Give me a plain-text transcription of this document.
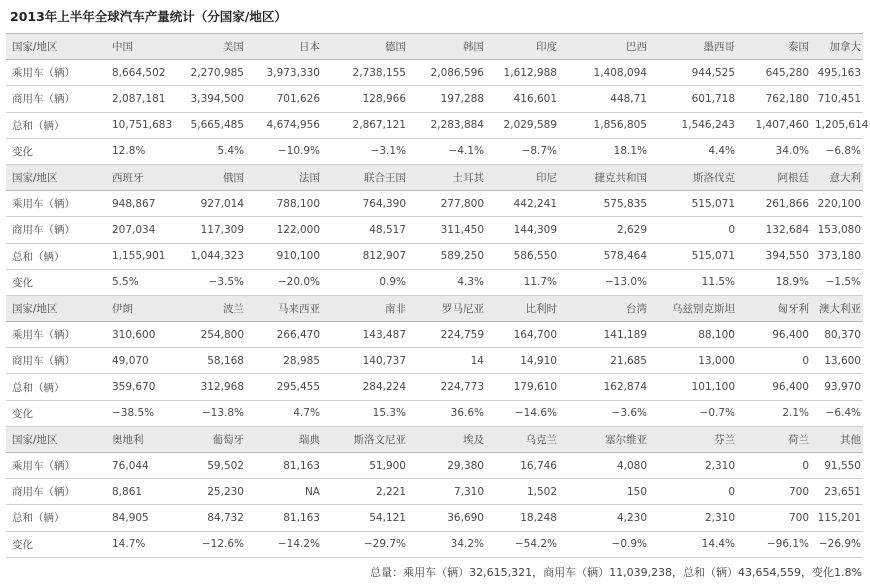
2013年上半年全球汽车产量统计（分国家/地区）
国家/地区	中国	美国	日本	德国	韩国	印度	巴西	墨西哥	泰国	加拿大
乘用车（辆）	8,664,502	2,270,985	3,973,330	2,738,155	2,086,596	1,612,988	1,408,094	944,525	645,280	495,163
商用车（辆）	2,087,181	3,394,500	701,626	128,966	197,288	416,601	448,71	601,718	762,180	710,451
总和（辆）	10,751,683	5,665,485	4,674,956	2,867,121	2,283,884	2,029,589	1,856,805	1,546,243	1,407,460	1,205,614
变化	12.8%	5.4%	−10.9%	−3.1%	−4.1%	−8.7%	18.1%	4.4%	34.0%	−6.8%
国家/地区	西班牙	俄国	法国	联合王国	土耳其	印尼	捷克共和国	斯洛伐克	阿根廷	意大利
乘用车（辆）	948,867	927,014	788,100	764,390	277,800	442,241	575,835	515,071	261,866	220,100
商用车（辆）	207,034	117,309	122,000	48,517	311,450	144,309	2,629	0	132,684	153,080
总和（辆）	1,155,901	1,044,323	910,100	812,907	589,250	586,550	578,464	515,071	394,550	373,180
变化	5.5%	−3.5%	−20.0%	0.9%	4.3%	11.7%	−13.0%	11.5%	18.9%	−1.5%
国家/地区	伊朗	波兰	马来西亚	南非	罗马尼亚	比利时	台湾	乌兹别克斯坦	匈牙利	澳大利亚
乘用车（辆）	310,600	254,800	266,470	143,487	224,759	164,700	141,189	88,100	96,400	80,370
商用车（辆）	49,070	58,168	28,985	140,737	14	14,910	21,685	13,000	0	13,600
总和（辆）	359,670	312,968	295,455	284,224	224,773	179,610	162,874	101,100	96,400	93,970
变化	−38.5%	−13.8%	4.7%	15.3%	36.6%	−14.6%	−3.6%	−0.7%	2.1%	−6.4%
国家/地区	奥地利	葡萄牙	瑞典	斯洛文尼亚	埃及	乌克兰	塞尔维亚	芬兰	荷兰	其他
乘用车（辆）	76,044	59,502	81,163	51,900	29,380	16,746	4,080	2,310	0	91,550
商用车（辆）	8,861	25,230	NA	2,221	7,310	1,502	150	0	700	23,651
总和（辆）	84,905	84,732	81,163	54,121	36,690	18,248	4,230	2,310	700	115,201
变化	14.7%	−12.6%	−14.2%	−29.7%	34.2%	−54.2%	−0.9%	14.4%	−96.1%	−26.9%
总量：乘用车（辆）32,615,321，商用车（辆）11,039,238，总和（辆）43,654,559，变化1.8%
